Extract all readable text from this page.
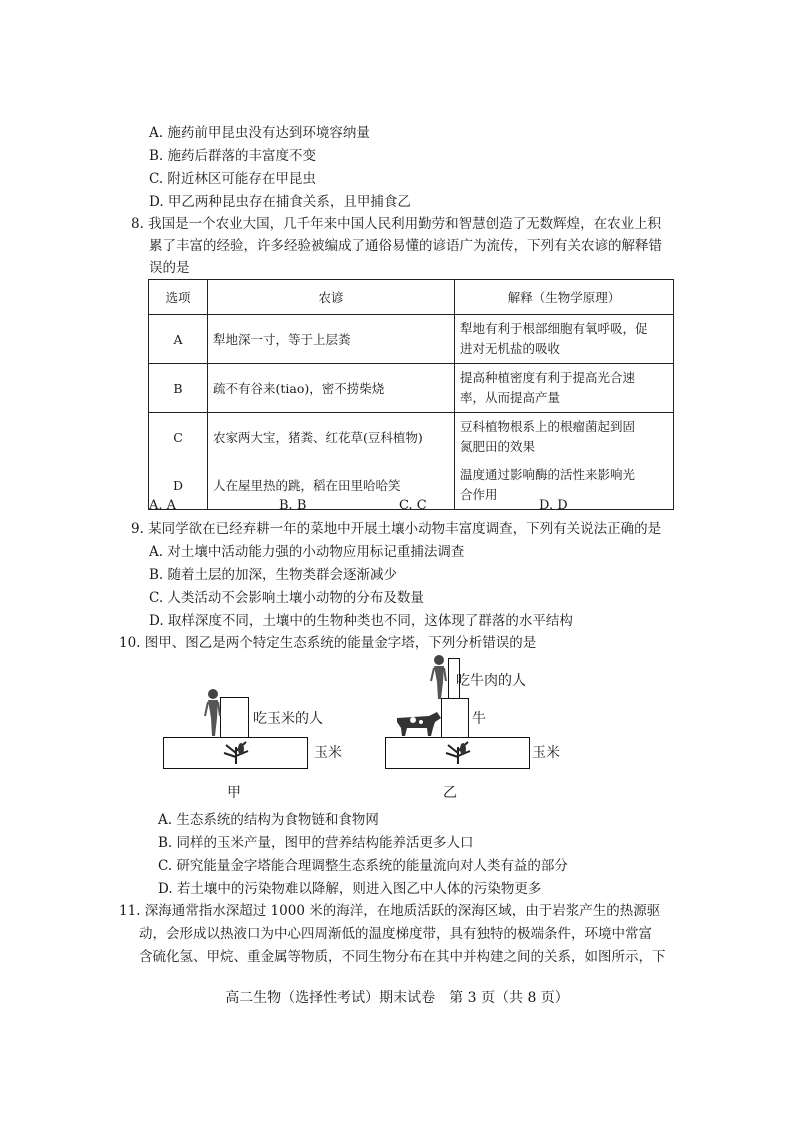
A. 施药前甲昆虫没有达到环境容纳量
B. 施药后群落的丰富度不变
C. 附近林区可能存在甲昆虫
D. 甲乙两种昆虫存在捕食关系，且甲捕食乙
8. 我国是一个农业大国，几千年来中国人民利用勤劳和智慧创造了无数辉煌，在农业上积
累了丰富的经验，许多经验被编成了通俗易懂的谚语广为流传，下列有关农谚的解释错
误的是
选项	农谚	解释（生物学原理）
A	犁地深一寸，等于上层粪	犁地有利于根部细胞有氧呼吸，促
进对无机盐的吸收
B	疏不有谷来(tiao)，密不捞柴烧	提高种植密度有利于提高光合速
率，从而提高产量
C	农家两大宝，猪粪、红花草(豆科植物)	豆科植物根系上的根瘤菌起到固
氮肥田的效果
D	人在屋里热的跳，稻在田里哈哈笑	温度通过影响酶的活性来影响光
合作用
A. A	B. B	C. C	D. D
9. 某同学欲在已经弃耕一年的菜地中开展土壤小动物丰富度调查，下列有关说法正确的是
A. 对土壤中活动能力强的小动物应用标记重捕法调查
B. 随着土层的加深，生物类群会逐渐减少
C. 人类活动不会影响土壤小动物的分布及数量
D. 取样深度不同，土壤中的生物种类也不同，这体现了群落的水平结构
10. 图甲、图乙是两个特定生态系统的能量金字塔，下列分析错误的是
吃玉米的人
玉米
甲
吃牛肉的人
牛
玉米
乙
A. 生态系统的结构为食物链和食物网
B. 同样的玉米产量，图甲的营养结构能养活更多人口
C. 研究能量金字塔能合理调整生态系统的能量流向对人类有益的部分
D. 若土壤中的污染物难以降解，则进入图乙中人体的污染物更多
11. 深海通常指水深超过 1000 米的海洋，在地质活跃的深海区域，由于岩浆产生的热源驱
动，会形成以热液口为中心四周渐低的温度梯度带，具有独特的极端条件，环境中常富
含硫化氢、甲烷、重金属等物质，不同生物分布在其中并构建之间的关系，如图所示，下
高二生物（选择性考试）期末试卷　第 3 页（共 8 页）
